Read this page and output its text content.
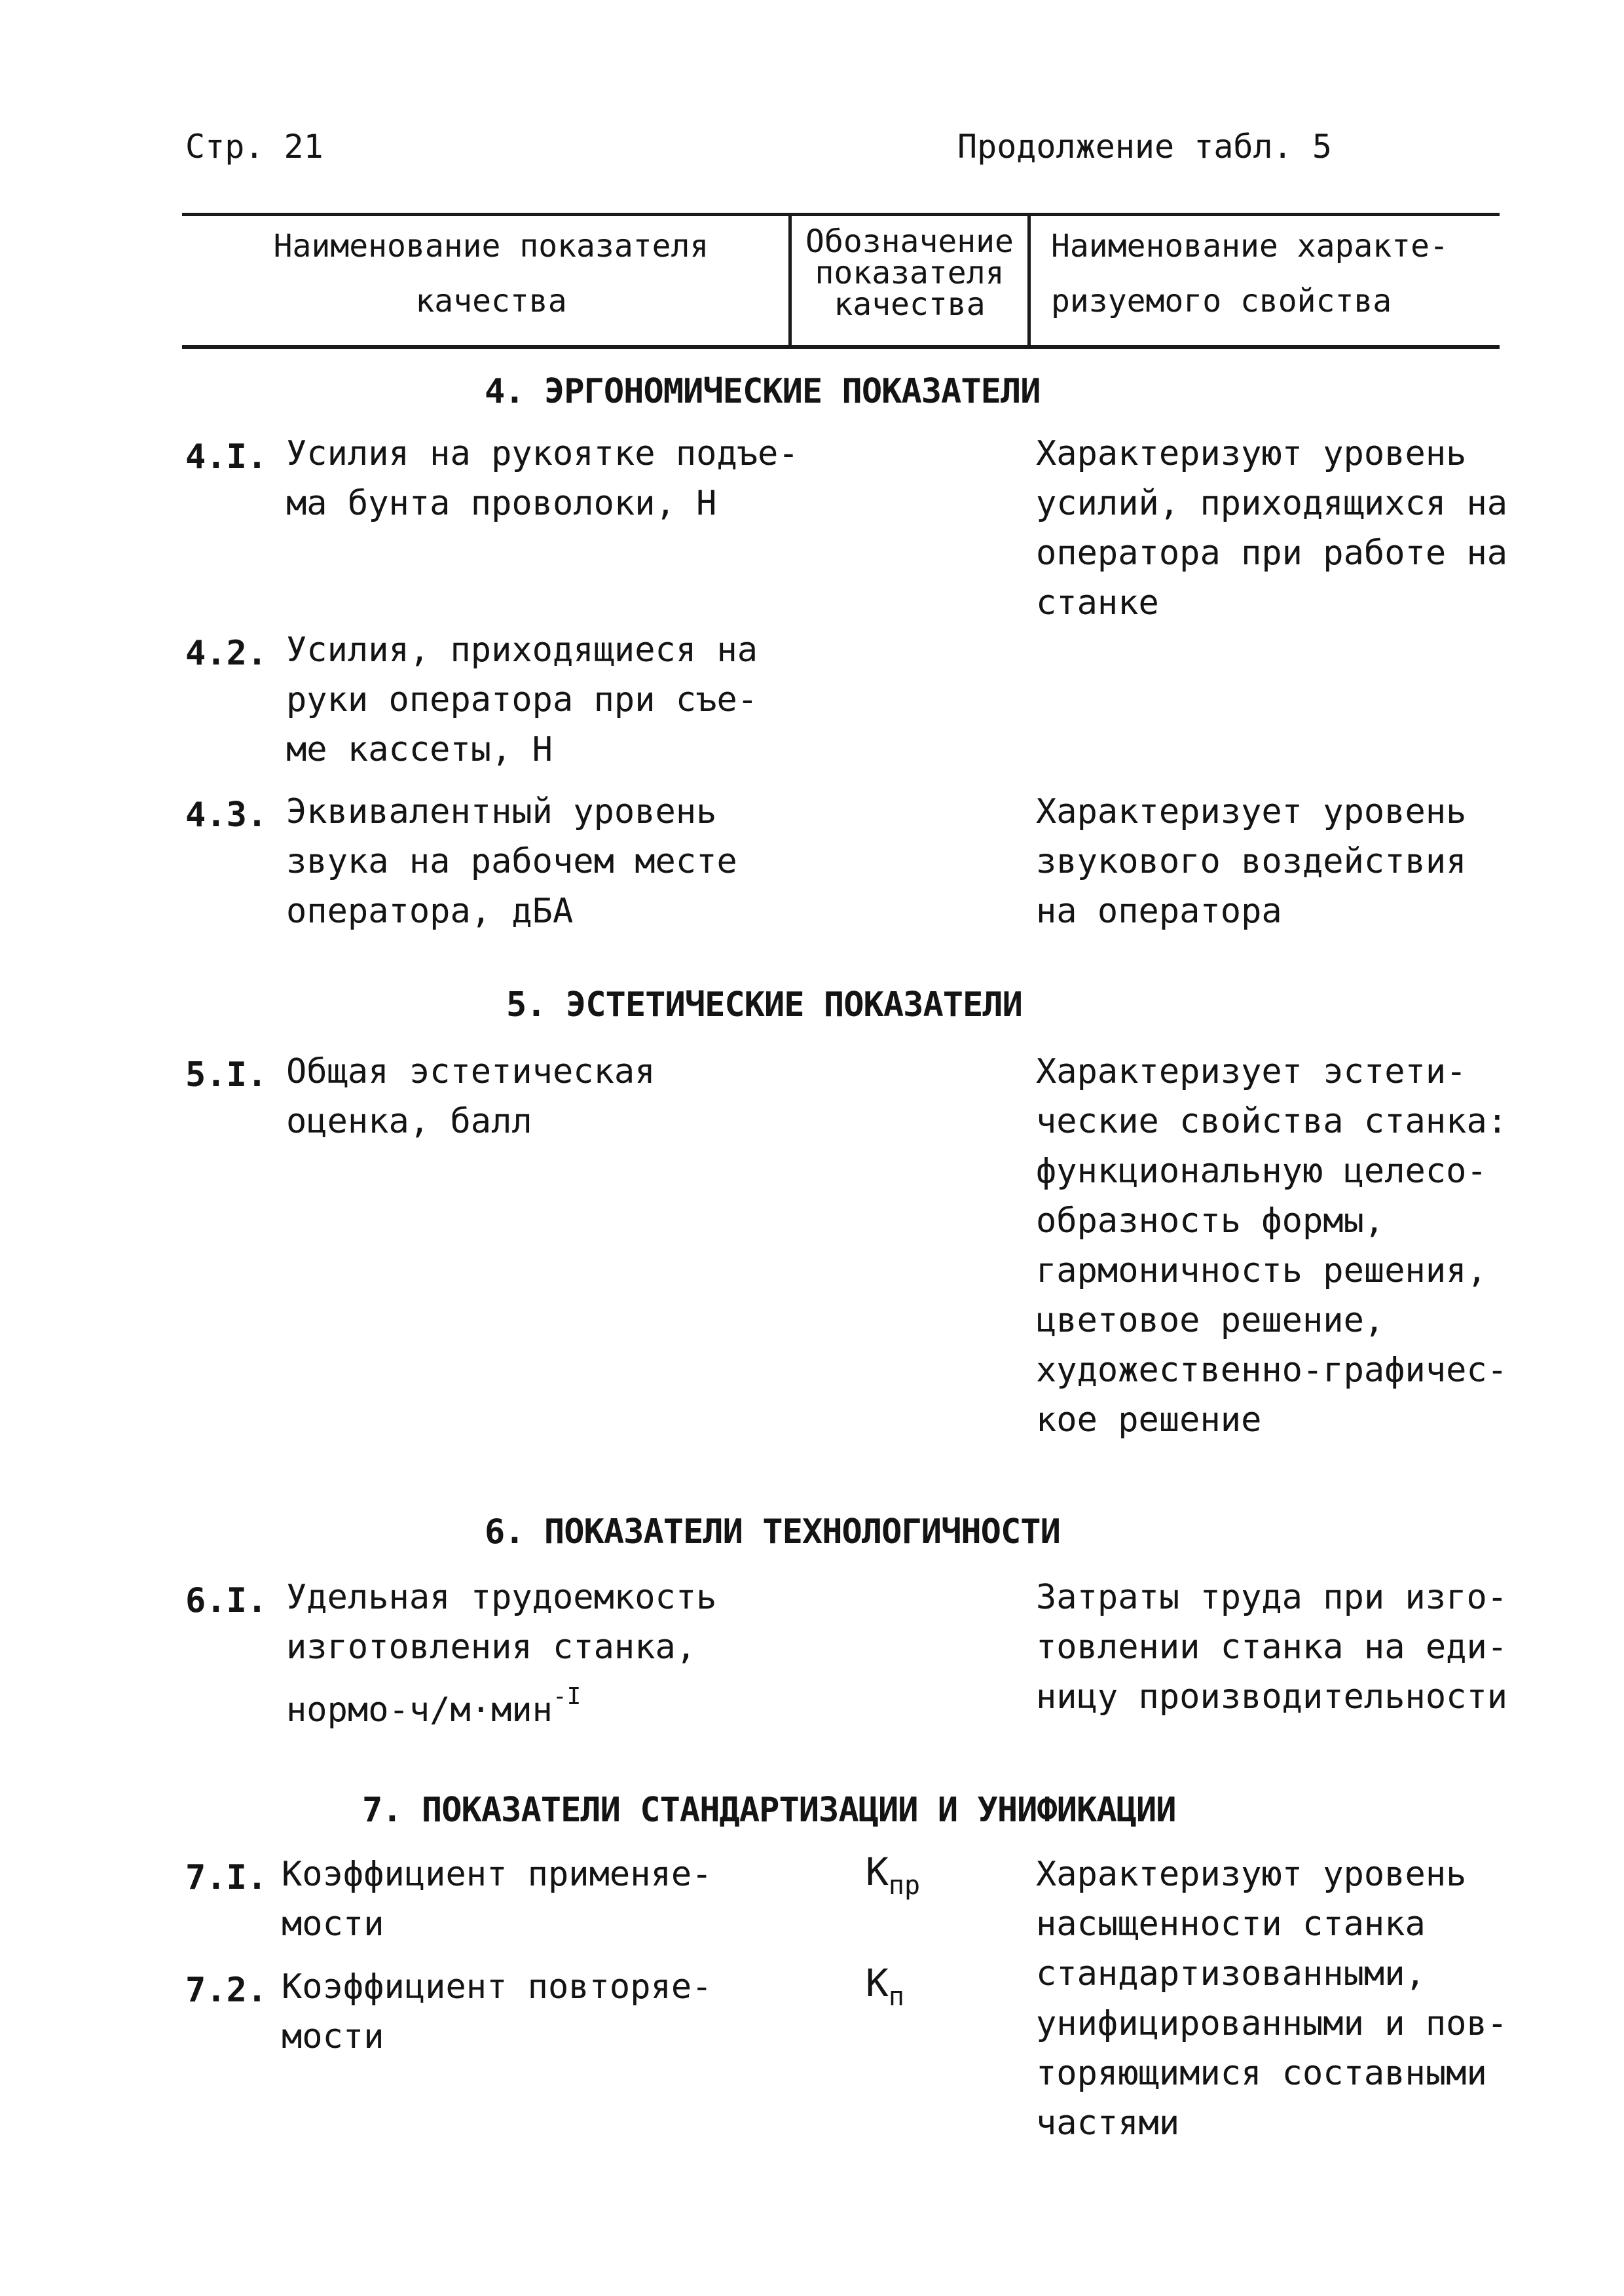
Стр. 21	Продолжение табл. 5
Наименование показателя
качества
Обозначение
показателя
качества
Наименование характе-
ризуемого свойства
4. ЭРГОНОМИЧЕСКИЕ ПОКАЗАТЕЛИ
4.I. Усилия на рукоятке подъе-
ма бунта проволоки, Н
Характеризуют уровень
усилий, приходящихся на
оператора при работе на
станке
4.2. Усилия, приходящиеся на
руки оператора при съе-
ме кассеты, Н
4.3. Эквивалентный уровень
звука на рабочем месте
оператора, дБА
Характеризует уровень
звукового воздействия
на оператора
5. ЭСТЕТИЧЕСКИЕ ПОКАЗАТЕЛИ
5.I. Общая эстетическая
оценка, балл
Характеризует эстети-
ческие свойства станка:
функциональную целесо-
образность формы,
гармоничность решения,
цветовое решение,
художественно-графичес-
кое решение
6. ПОКАЗАТЕЛИ ТЕХНОЛОГИЧНОСТИ
6.I. Удельная трудоемкость
изготовления станка,
нормо-ч/м·мин$^{-I}$
Затраты труда при изго-
товлении станка на еди-
ницу производительности
7. ПОКАЗАТЕЛИ СТАНДАРТИЗАЦИИ И УНИФИКАЦИИ
7.I. Коэффициент применяе-
мости
$К_{пр}$
7.2. Коэффициент повторяе-
мости
$К_п$
Характеризуют уровень
насыщенности станка
стандартизованными,
унифицированными и пов-
торяющимися составными
частями
